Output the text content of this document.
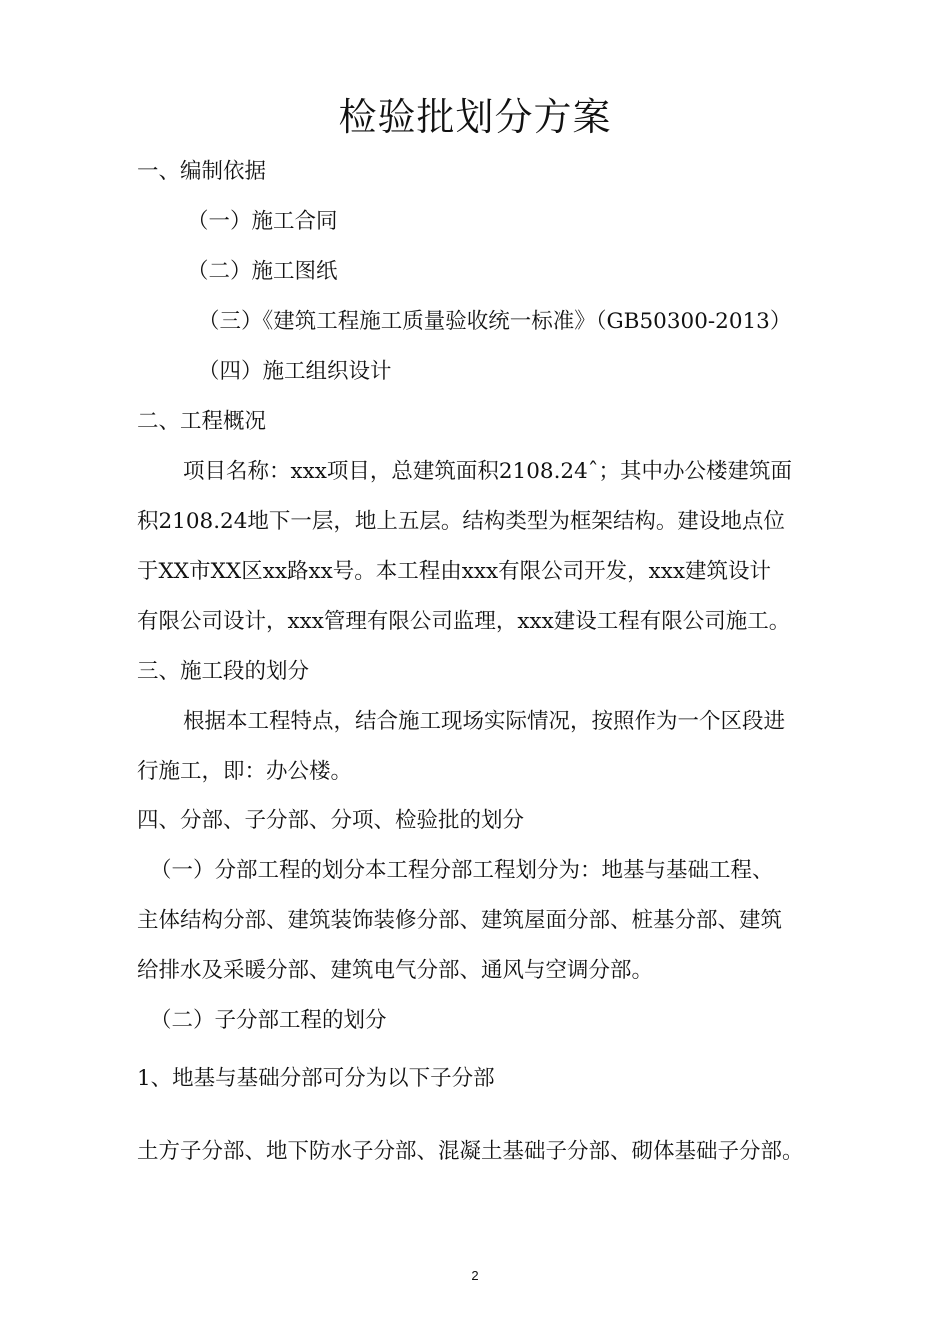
检验批划分方案
一、编制依据
（一）施工合同
（二）施工图纸
（三）《建筑工程施工质量验收统一标准》（GB50300-2013）
（四）施工组织设计
二、工程概况
项目名称：xxx项目，总建筑面积2108.24ˆ；其中办公楼建筑面
积2108.24地下一层，地上五层。结构类型为框架结构。建设地点位
于XX市XX区xx路xx号。本工程由xxx有限公司开发，xxx建筑设计
有限公司设计，xxx管理有限公司监理，xxx建设工程有限公司施工。
三、施工段的划分
根据本工程特点，结合施工现场实际情况，按照作为一个区段进
行施工，即：办公楼。
四、分部、子分部、分项、检验批的划分
（一）分部工程的划分本工程分部工程划分为：地基与基础工程、
主体结构分部、建筑装饰装修分部、建筑屋面分部、桩基分部、建筑
给排水及采暖分部、建筑电气分部、通风与空调分部。
（二）子分部工程的划分
1、地基与基础分部可分为以下子分部
土方子分部、地下防水子分部、混凝土基础子分部、砌体基础子分部。
2
